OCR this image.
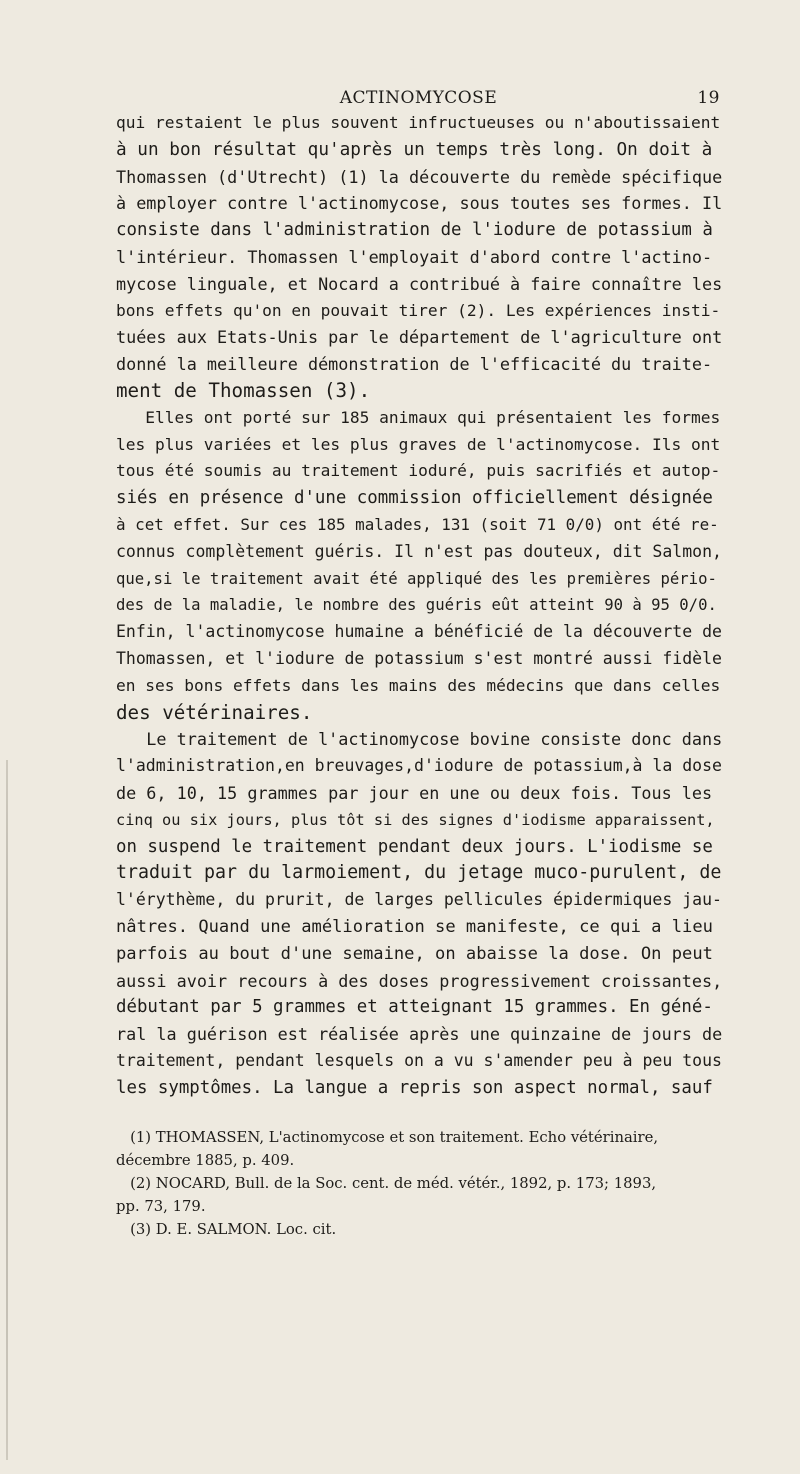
ACTINOMYCOSE	19
qui restaient le plus souvent infructueuses ou n'aboutissaient
à un bon résultat qu'après un temps très long. On doit à
Thomassen (d'Utrecht) (1) la découverte du remède spécifique
à employer contre l'actinomycose, sous toutes ses formes. Il
consiste dans l'administration de l'iodure de potassium à
l'intérieur. Thomassen l'employait d'abord contre l'actino-
mycose linguale, et Nocard a contribué à faire connaître les
bons effets qu'on en pouvait tirer (2). Les expériences insti-
tuées aux Etats-Unis par le département de l'agriculture ont
donné la meilleure démonstration de l'efficacité du traite-
ment de Thomassen (3).
Elles ont porté sur 185 animaux qui présentaient les formes
les plus variées et les plus graves de l'actinomycose. Ils ont
tous été soumis au traitement ioduré, puis sacrifiés et autop-
siés en présence d'une commission officiellement désignée
à cet effet. Sur ces 185 malades, 131 (soit 71 0/0) ont été re-
connus complètement guéris. Il n'est pas douteux, dit Salmon,
que,si le traitement avait été appliqué des les premières pério-
des de la maladie, le nombre des guéris eût atteint 90 à 95 0/0.
Enfin, l'actinomycose humaine a bénéficié de la découverte de
Thomassen, et l'iodure de potassium s'est montré aussi fidèle
en ses bons effets dans les mains des médecins que dans celles
des vétérinaires.
Le traitement de l'actinomycose bovine consiste donc dans
l'administration,en breuvages,d'iodure de potassium,à la dose
de 6, 10, 15 grammes par jour en une ou deux fois. Tous les
cinq ou six jours, plus tôt si des signes d'iodisme apparaissent,
on suspend le traitement pendant deux jours. L'iodisme se
traduit par du larmoiement, du jetage muco-purulent, de
l'érythème, du prurit, de larges pellicules épidermiques jau-
nâtres. Quand une amélioration se manifeste, ce qui a lieu
parfois au bout d'une semaine, on abaisse la dose. On peut
aussi avoir recours à des doses progressivement croissantes,
débutant par 5 grammes et atteignant 15 grammes. En géné-
ral la guérison est réalisée après une quinzaine de jours de
traitement, pendant lesquels on a vu s'amender peu à peu tous
les symptômes. La langue a repris son aspect normal, sauf
(1) THOMASSEN, L'actinomycose et son traitement. Echo vétérinaire,
décembre 1885, p. 409.
(2) NOCARD, Bull. de la Soc. cent. de méd. vétér., 1892, p. 173; 1893,
pp. 73, 179.
(3) D. E. SALMON. Loc. cit.
